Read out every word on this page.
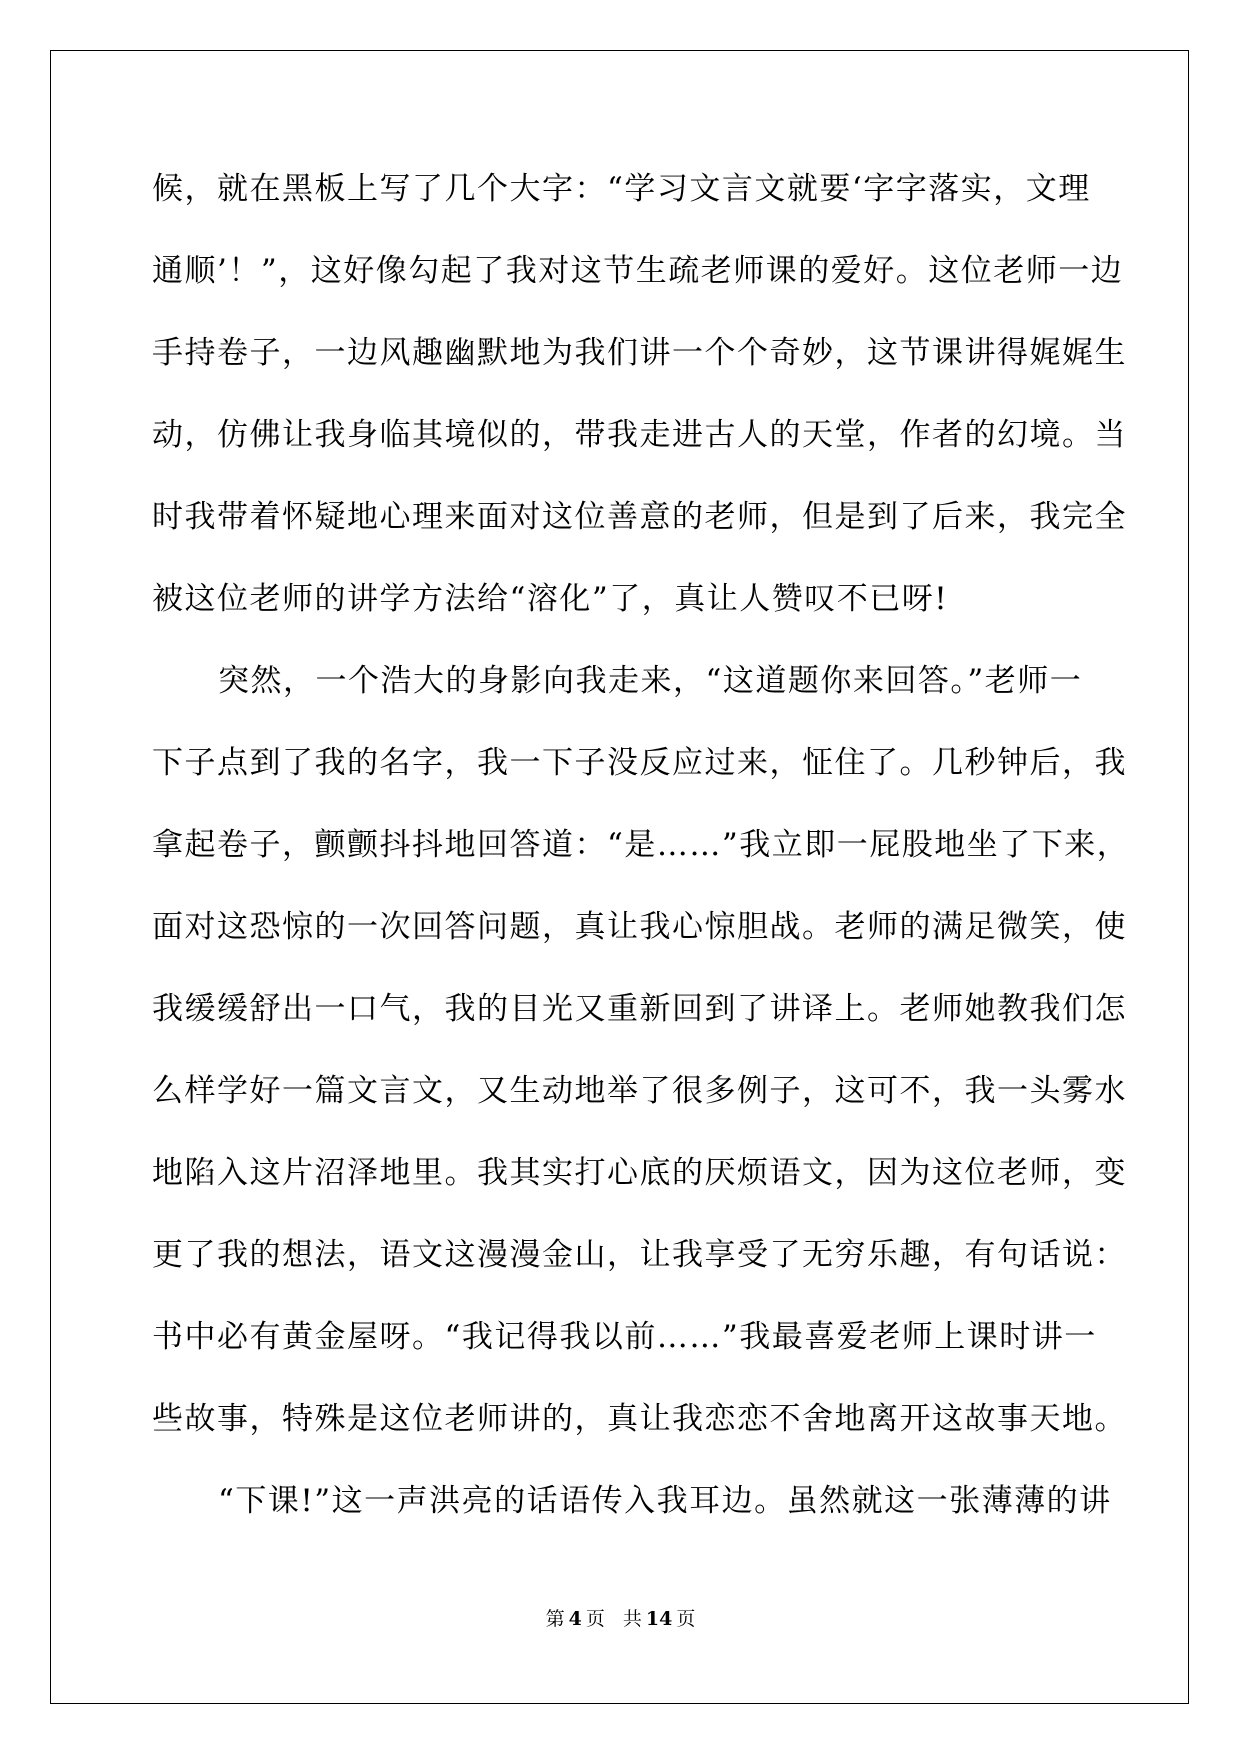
候，就在黑板上写了几个大字：“学习文言文就要‘字字落实，文理
通顺’！”，这好像勾起了我对这节生疏老师课的爱好。这位老师一边
手持卷子，一边风趣幽默地为我们讲一个个奇妙，这节课讲得娓娓生
动，仿佛让我身临其境似的，带我走进古人的天堂，作者的幻境。当
时我带着怀疑地心理来面对这位善意的老师，但是到了后来，我完全
被这位老师的讲学方法给“溶化”了，真让人赞叹不已呀!
突然，一个浩大的身影向我走来，“这道题你来回答。”老师一
下子点到了我的名字，我一下子没反应过来，怔住了。几秒钟后，我
拿起卷子，颤颤抖抖地回答道：“是……”我立即一屁股地坐了下来，
面对这恐惊的一次回答问题，真让我心惊胆战。老师的满足微笑，使
我缓缓舒出一口气，我的目光又重新回到了讲译上。老师她教我们怎
么样学好一篇文言文，又生动地举了很多例子，这可不，我一头雾水
地陷入这片沼泽地里。我其实打心底的厌烦语文，因为这位老师，变
更了我的想法，语文这漫漫金山，让我享受了无穷乐趣，有句话说：
书中必有黄金屋呀。“我记得我以前……”我最喜爱老师上课时讲一
些故事，特殊是这位老师讲的，真让我恋恋不舍地离开这故事天地。
“下课!”这一声洪亮的话语传入我耳边。虽然就这一张薄薄的讲
第 4 页 共 14 页
